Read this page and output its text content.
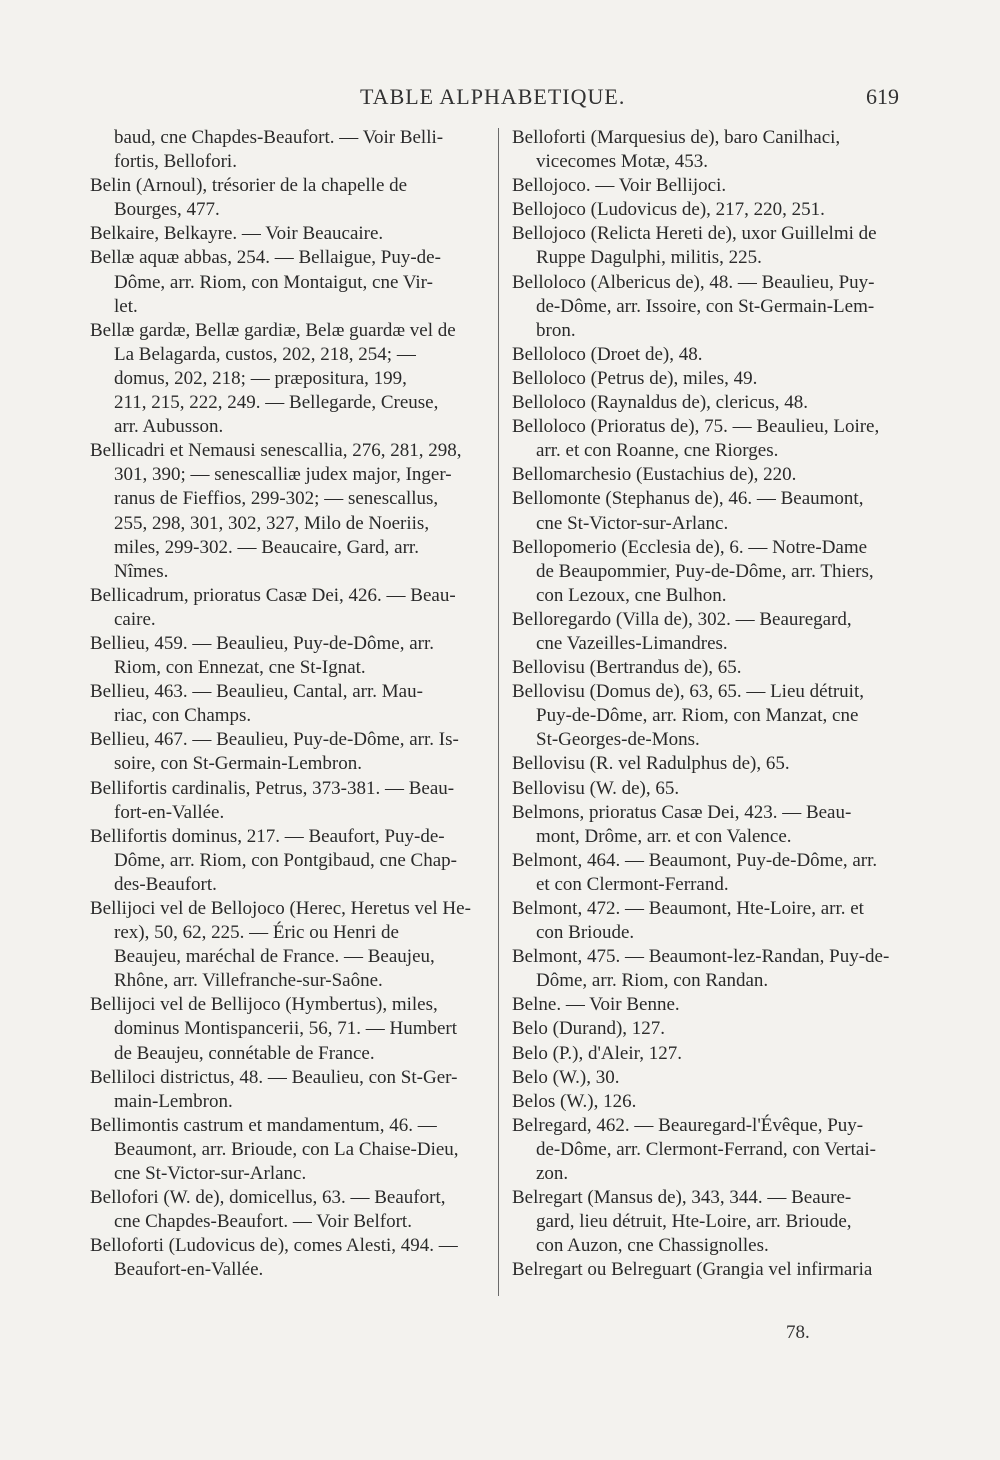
TABLE ALPHABETIQUE.	619
baud, cne Chapdes-Beaufort. — Voir Belli-
fortis, Bellofori.
Belin (Arnoul), trésorier de la chapelle de
Bourges, 477.
Belkaire, Belkayre. — Voir Beaucaire.
Bellæ aquæ abbas, 254. — Bellaigue, Puy-de-
Dôme, arr. Riom, con Montaigut, cne Vir-
let.
Bellæ gardæ, Bellæ gardiæ, Belæ guardæ vel de
La Belagarda, custos, 202, 218, 254; —
domus, 202, 218; — præpositura, 199,
211, 215, 222, 249. — Bellegarde, Creuse,
arr. Aubusson.
Bellicadri et Nemausi senescallia, 276, 281, 298,
301, 390; — senescalliæ judex major, Inger-
ranus de Fieffios, 299-302; — senescallus,
255, 298, 301, 302, 327, Milo de Noeriis,
miles, 299-302. — Beaucaire, Gard, arr.
Nîmes.
Bellicadrum, prioratus Casæ Dei, 426. — Beau-
caire.
Bellieu, 459. — Beaulieu, Puy-de-Dôme, arr.
Riom, con Ennezat, cne St-Ignat.
Bellieu, 463. — Beaulieu, Cantal, arr. Mau-
riac, con Champs.
Bellieu, 467. — Beaulieu, Puy-de-Dôme, arr. Is-
soire, con St-Germain-Lembron.
Bellifortis cardinalis, Petrus, 373-381. — Beau-
fort-en-Vallée.
Bellifortis dominus, 217. — Beaufort, Puy-de-
Dôme, arr. Riom, con Pontgibaud, cne Chap-
des-Beaufort.
Bellijoci vel de Bellojoco (Herec, Heretus vel He-
rex), 50, 62, 225. — Éric ou Henri de
Beaujeu, maréchal de France. — Beaujeu,
Rhône, arr. Villefranche-sur-Saône.
Bellijoci vel de Bellijoco (Hymbertus), miles,
dominus Montispancerii, 56, 71. — Humbert
de Beaujeu, connétable de France.
Belliloci districtus, 48. — Beaulieu, con St-Ger-
main-Lembron.
Bellimontis castrum et mandamentum, 46. —
Beaumont, arr. Brioude, con La Chaise-Dieu,
cne St-Victor-sur-Arlanc.
Bellofori (W. de), domicellus, 63. — Beaufort,
cne Chapdes-Beaufort. — Voir Belfort.
Belloforti (Ludovicus de), comes Alesti, 494. —
Beaufort-en-Vallée.
Belloforti (Marquesius de), baro Canilhaci,
vicecomes Motæ, 453.
Bellojoco. — Voir Bellijoci.
Bellojoco (Ludovicus de), 217, 220, 251.
Bellojoco (Relicta Hereti de), uxor Guillelmi de
Ruppe Dagulphi, militis, 225.
Belloloco (Albericus de), 48. — Beaulieu, Puy-
de-Dôme, arr. Issoire, con St-Germain-Lem-
bron.
Belloloco (Droet de), 48.
Belloloco (Petrus de), miles, 49.
Belloloco (Raynaldus de), clericus, 48.
Belloloco (Prioratus de), 75. — Beaulieu, Loire,
arr. et con Roanne, cne Riorges.
Bellomarchesio (Eustachius de), 220.
Bellomonte (Stephanus de), 46. — Beaumont,
cne St-Victor-sur-Arlanc.
Bellopomerio (Ecclesia de), 6. — Notre-Dame
de Beaupommier, Puy-de-Dôme, arr. Thiers,
con Lezoux, cne Bulhon.
Belloregardo (Villa de), 302. — Beauregard,
cne Vazeilles-Limandres.
Bellovisu (Bertrandus de), 65.
Bellovisu (Domus de), 63, 65. — Lieu détruit,
Puy-de-Dôme, arr. Riom, con Manzat, cne
St-Georges-de-Mons.
Bellovisu (R. vel Radulphus de), 65.
Bellovisu (W. de), 65.
Belmons, prioratus Casæ Dei, 423. — Beau-
mont, Drôme, arr. et con Valence.
Belmont, 464. — Beaumont, Puy-de-Dôme, arr.
et con Clermont-Ferrand.
Belmont, 472. — Beaumont, Hte-Loire, arr. et
con Brioude.
Belmont, 475. — Beaumont-lez-Randan, Puy-de-
Dôme, arr. Riom, con Randan.
Belne. — Voir Benne.
Belo (Durand), 127.
Belo (P.), d'Aleir, 127.
Belo (W.), 30.
Belos (W.), 126.
Belregard, 462. — Beauregard-l'Évêque, Puy-
de-Dôme, arr. Clermont-Ferrand, con Vertai-
zon.
Belregart (Mansus de), 343, 344. — Beaure-
gard, lieu détruit, Hte-Loire, arr. Brioude,
con Auzon, cne Chassignolles.
Belregart ou Belreguart (Grangia vel infirmaria
78.
